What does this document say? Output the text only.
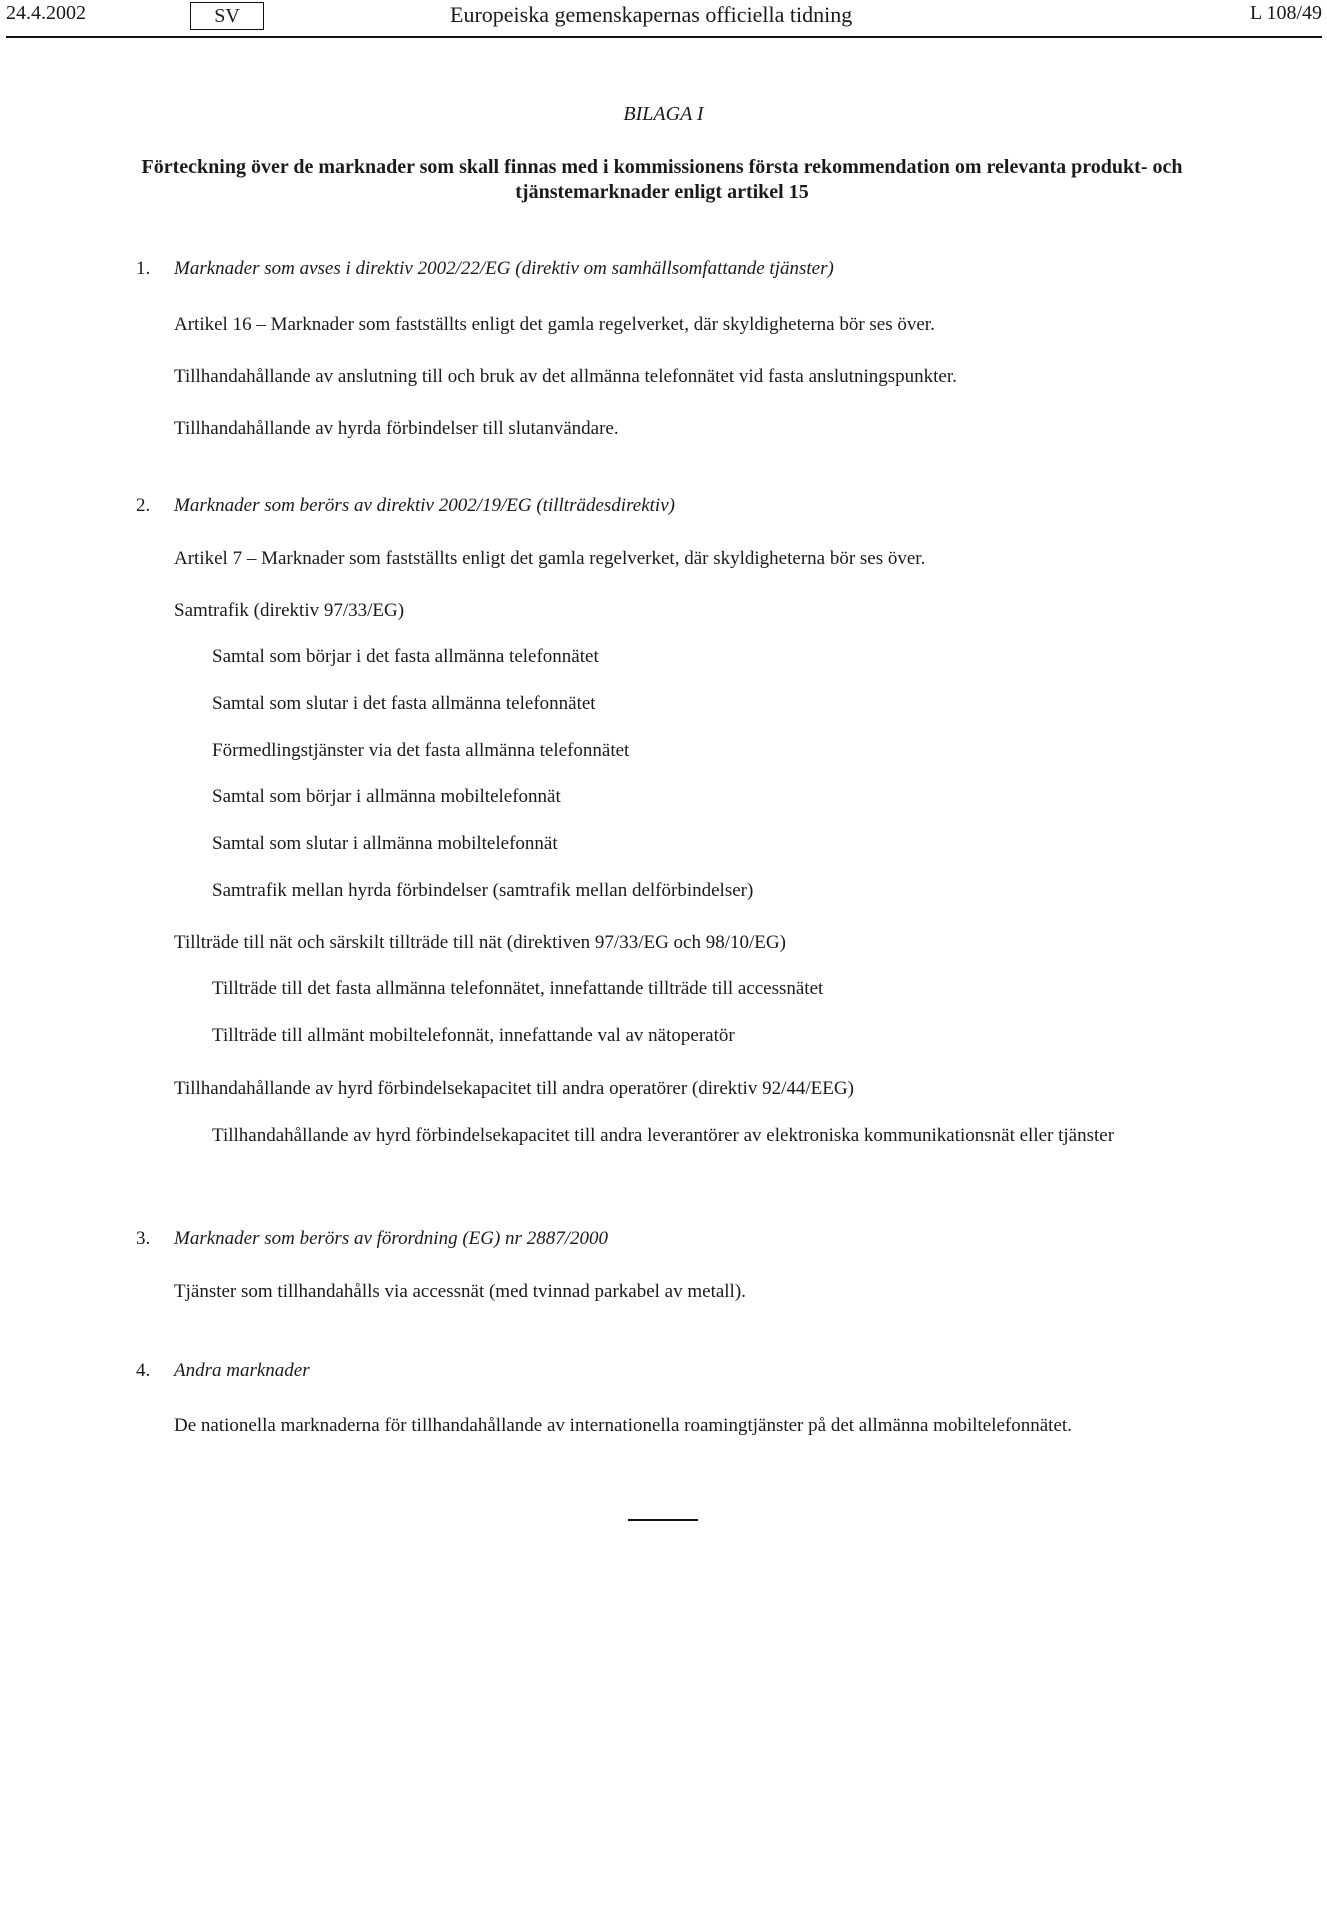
24.4.2002	SV	Europeiska gemenskapernas officiella tidning	L 108/49
BILAGA I
Förteckning över de marknader som skall finnas med i kommissionens första rekommendation om relevanta produkt- och tjänstemarknader enligt artikel 15
1. Marknader som avses i direktiv 2002/22/EG (direktiv om samhällsomfattande tjänster)
Artikel 16 – Marknader som fastställts enligt det gamla regelverket, där skyldigheterna bör ses över.
Tillhandahållande av anslutning till och bruk av det allmänna telefonnätet vid fasta anslutningspunkter.
Tillhandahållande av hyrda förbindelser till slutanvändare.
2. Marknader som berörs av direktiv 2002/19/EG (tillträdesdirektiv)
Artikel 7 – Marknader som fastställts enligt det gamla regelverket, där skyldigheterna bör ses över.
Samtrafik (direktiv 97/33/EG)
Samtal som börjar i det fasta allmänna telefonnätet
Samtal som slutar i det fasta allmänna telefonnätet
Förmedlingstjänster via det fasta allmänna telefonnätet
Samtal som börjar i allmänna mobiltelefonnät
Samtal som slutar i allmänna mobiltelefonnät
Samtrafik mellan hyrda förbindelser (samtrafik mellan delförbindelser)
Tillträde till nät och särskilt tillträde till nät (direktiven 97/33/EG och 98/10/EG)
Tillträde till det fasta allmänna telefonnätet, innefattande tillträde till accessnätet
Tillträde till allmänt mobiltelefonnät, innefattande val av nätoperatör
Tillhandahållande av hyrd förbindelsekapacitet till andra operatörer (direktiv 92/44/EEG)
Tillhandahållande av hyrd förbindelsekapacitet till andra leverantörer av elektroniska kommunikationsnät eller tjänster
3. Marknader som berörs av förordning (EG) nr 2887/2000
Tjänster som tillhandahålls via accessnät (med tvinnad parkabel av metall).
4. Andra marknader
De nationella marknaderna för tillhandahållande av internationella roamingtjänster på det allmänna mobiltelefonnätet.
